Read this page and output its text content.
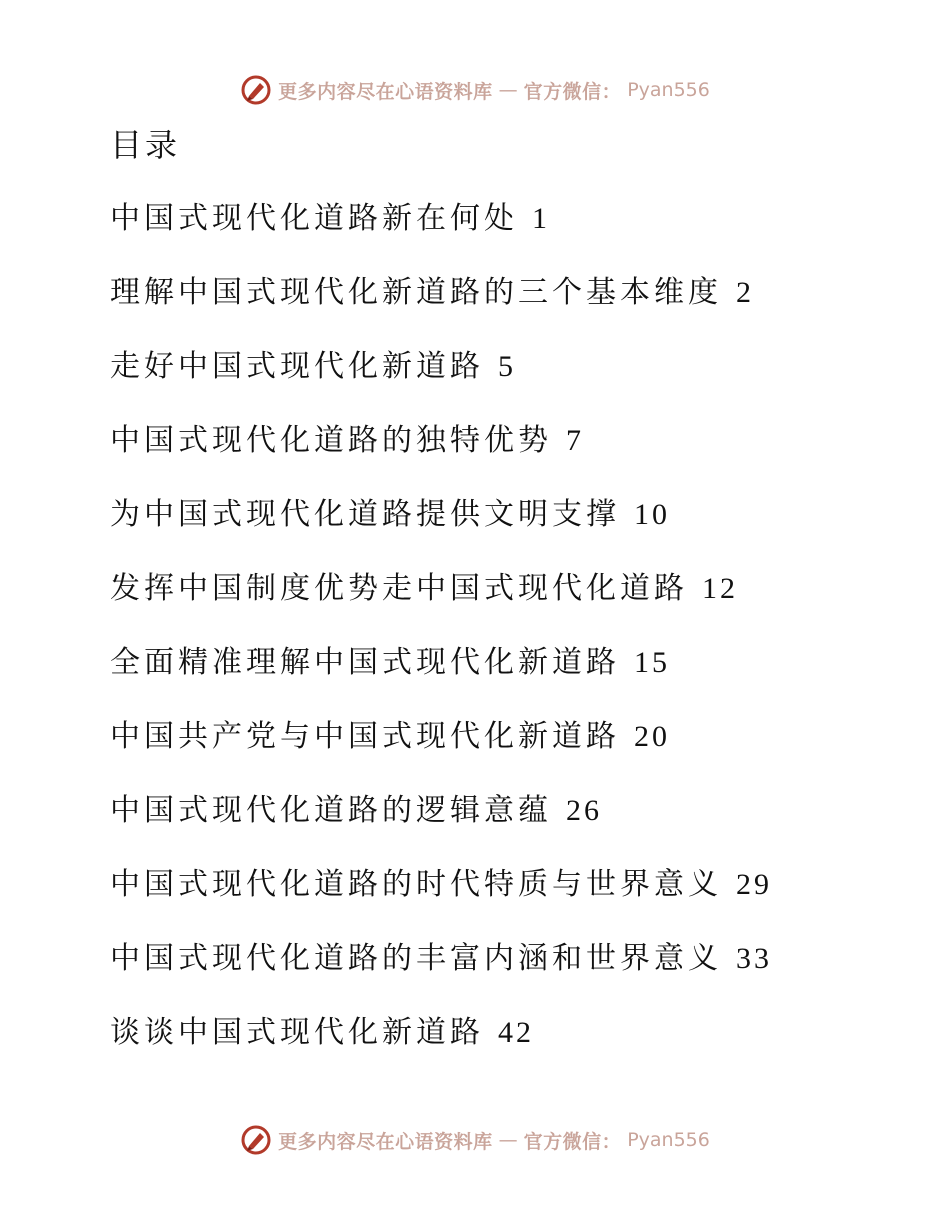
更多内容尽在心语资料库 — 官方微信： Pyan556
目录
中国式现代化道路新在何处 1
理解中国式现代化新道路的三个基本维度 2
走好中国式现代化新道路 5
中国式现代化道路的独特优势 7
为中国式现代化道路提供文明支撑 10
发挥中国制度优势走中国式现代化道路 12
全面精准理解中国式现代化新道路 15
中国共产党与中国式现代化新道路 20
中国式现代化道路的逻辑意蕴 26
中国式现代化道路的时代特质与世界意义 29
中国式现代化道路的丰富内涵和世界意义 33
谈谈中国式现代化新道路 42
更多内容尽在心语资料库 — 官方微信： Pyan556
